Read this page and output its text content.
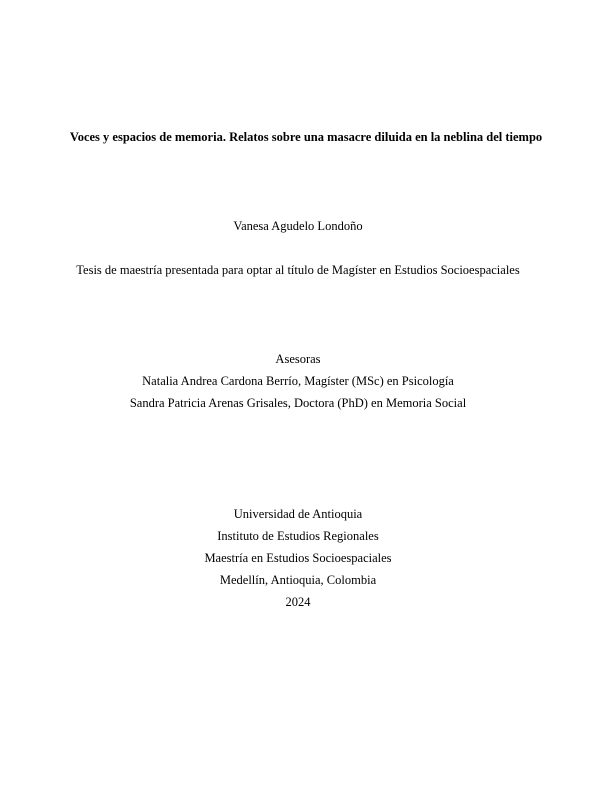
Voces y espacios de memoria. Relatos sobre una masacre diluida en la neblina del tiempo
Vanesa Agudelo Londoño
Tesis de maestría presentada para optar al título de Magíster en Estudios Socioespaciales
Asesoras
Natalia Andrea Cardona Berrío, Magíster (MSc) en Psicología
Sandra Patricia Arenas Grisales, Doctora (PhD) en Memoria Social
Universidad de Antioquia
Instituto de Estudios Regionales
Maestría en Estudios Socioespaciales
Medellín, Antioquia, Colombia
2024
